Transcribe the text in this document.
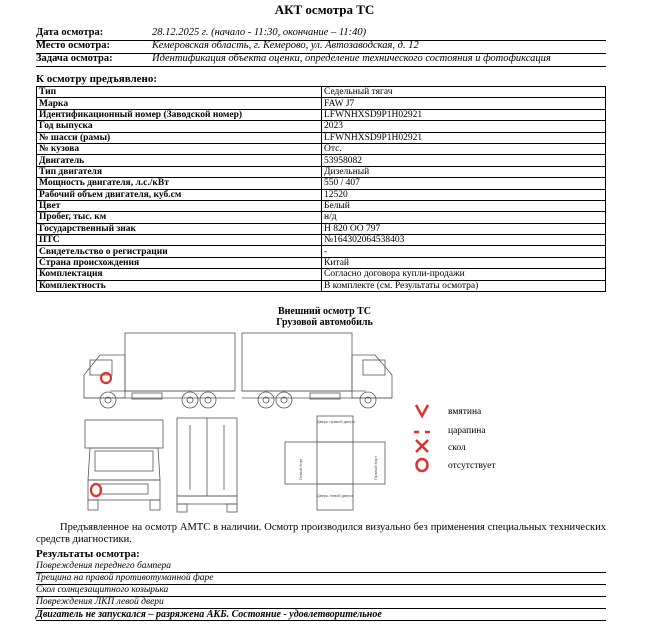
АКТ осмотра ТС
Дата осмотра:	28.12.2025 г. (начало - 11:30, окончание – 11:40)
Место осмотра:	Кемеровская область, г. Кемерово, ул. Автозаводская, д. 12
Задача осмотра:	Идентификация объекта оценки, определение технического состояния и фотофиксация
К осмотру предъявлено:
Тип	Седельный тягач
Марка	FAW J7
Идентификационный номер (Заводской номер)	LFWNHXSD9P1H02921
Год выпуска	2023
№ шасси (рамы)	LFWNHXSD9P1H02921
№ кузова	Отс.
Двигатель	53958082
Тип двигателя	Дизельный
Мощность двигателя, л.с./кВт	550 / 407
Рабочий объем двигателя, куб.см	12520
Цвет	Белый
Пробег, тыс. км	н/д
Государственный знак	Н 820 ОО 797
ПТС	№164302064538403
Свидетельство о регистрации	-
Страна происхождения	Китай
Комплектация	Согласно договора купли-продажи
Комплектность	В комплекте (см. Результаты осмотра)
Внешний осмотр ТС
Грузовой автомобиль
Левый борт	Правый борт
Дверь левой двери
Дверь правой двери
вмятина
царапина
скол
отсутствует
Предъявленное на осмотр АМТС в наличии. Осмотр производился визуально без применения специальных технических средств диагностики.
Результаты осмотра:
Повреждения переднего бампера
Трещина на правой противотуманной фаре
Скол солнцезащитного козырька
Повреждения ЛКП левой двери
Двигатель не запускался – разряжена АКБ. Состояние - удовлетворительное
